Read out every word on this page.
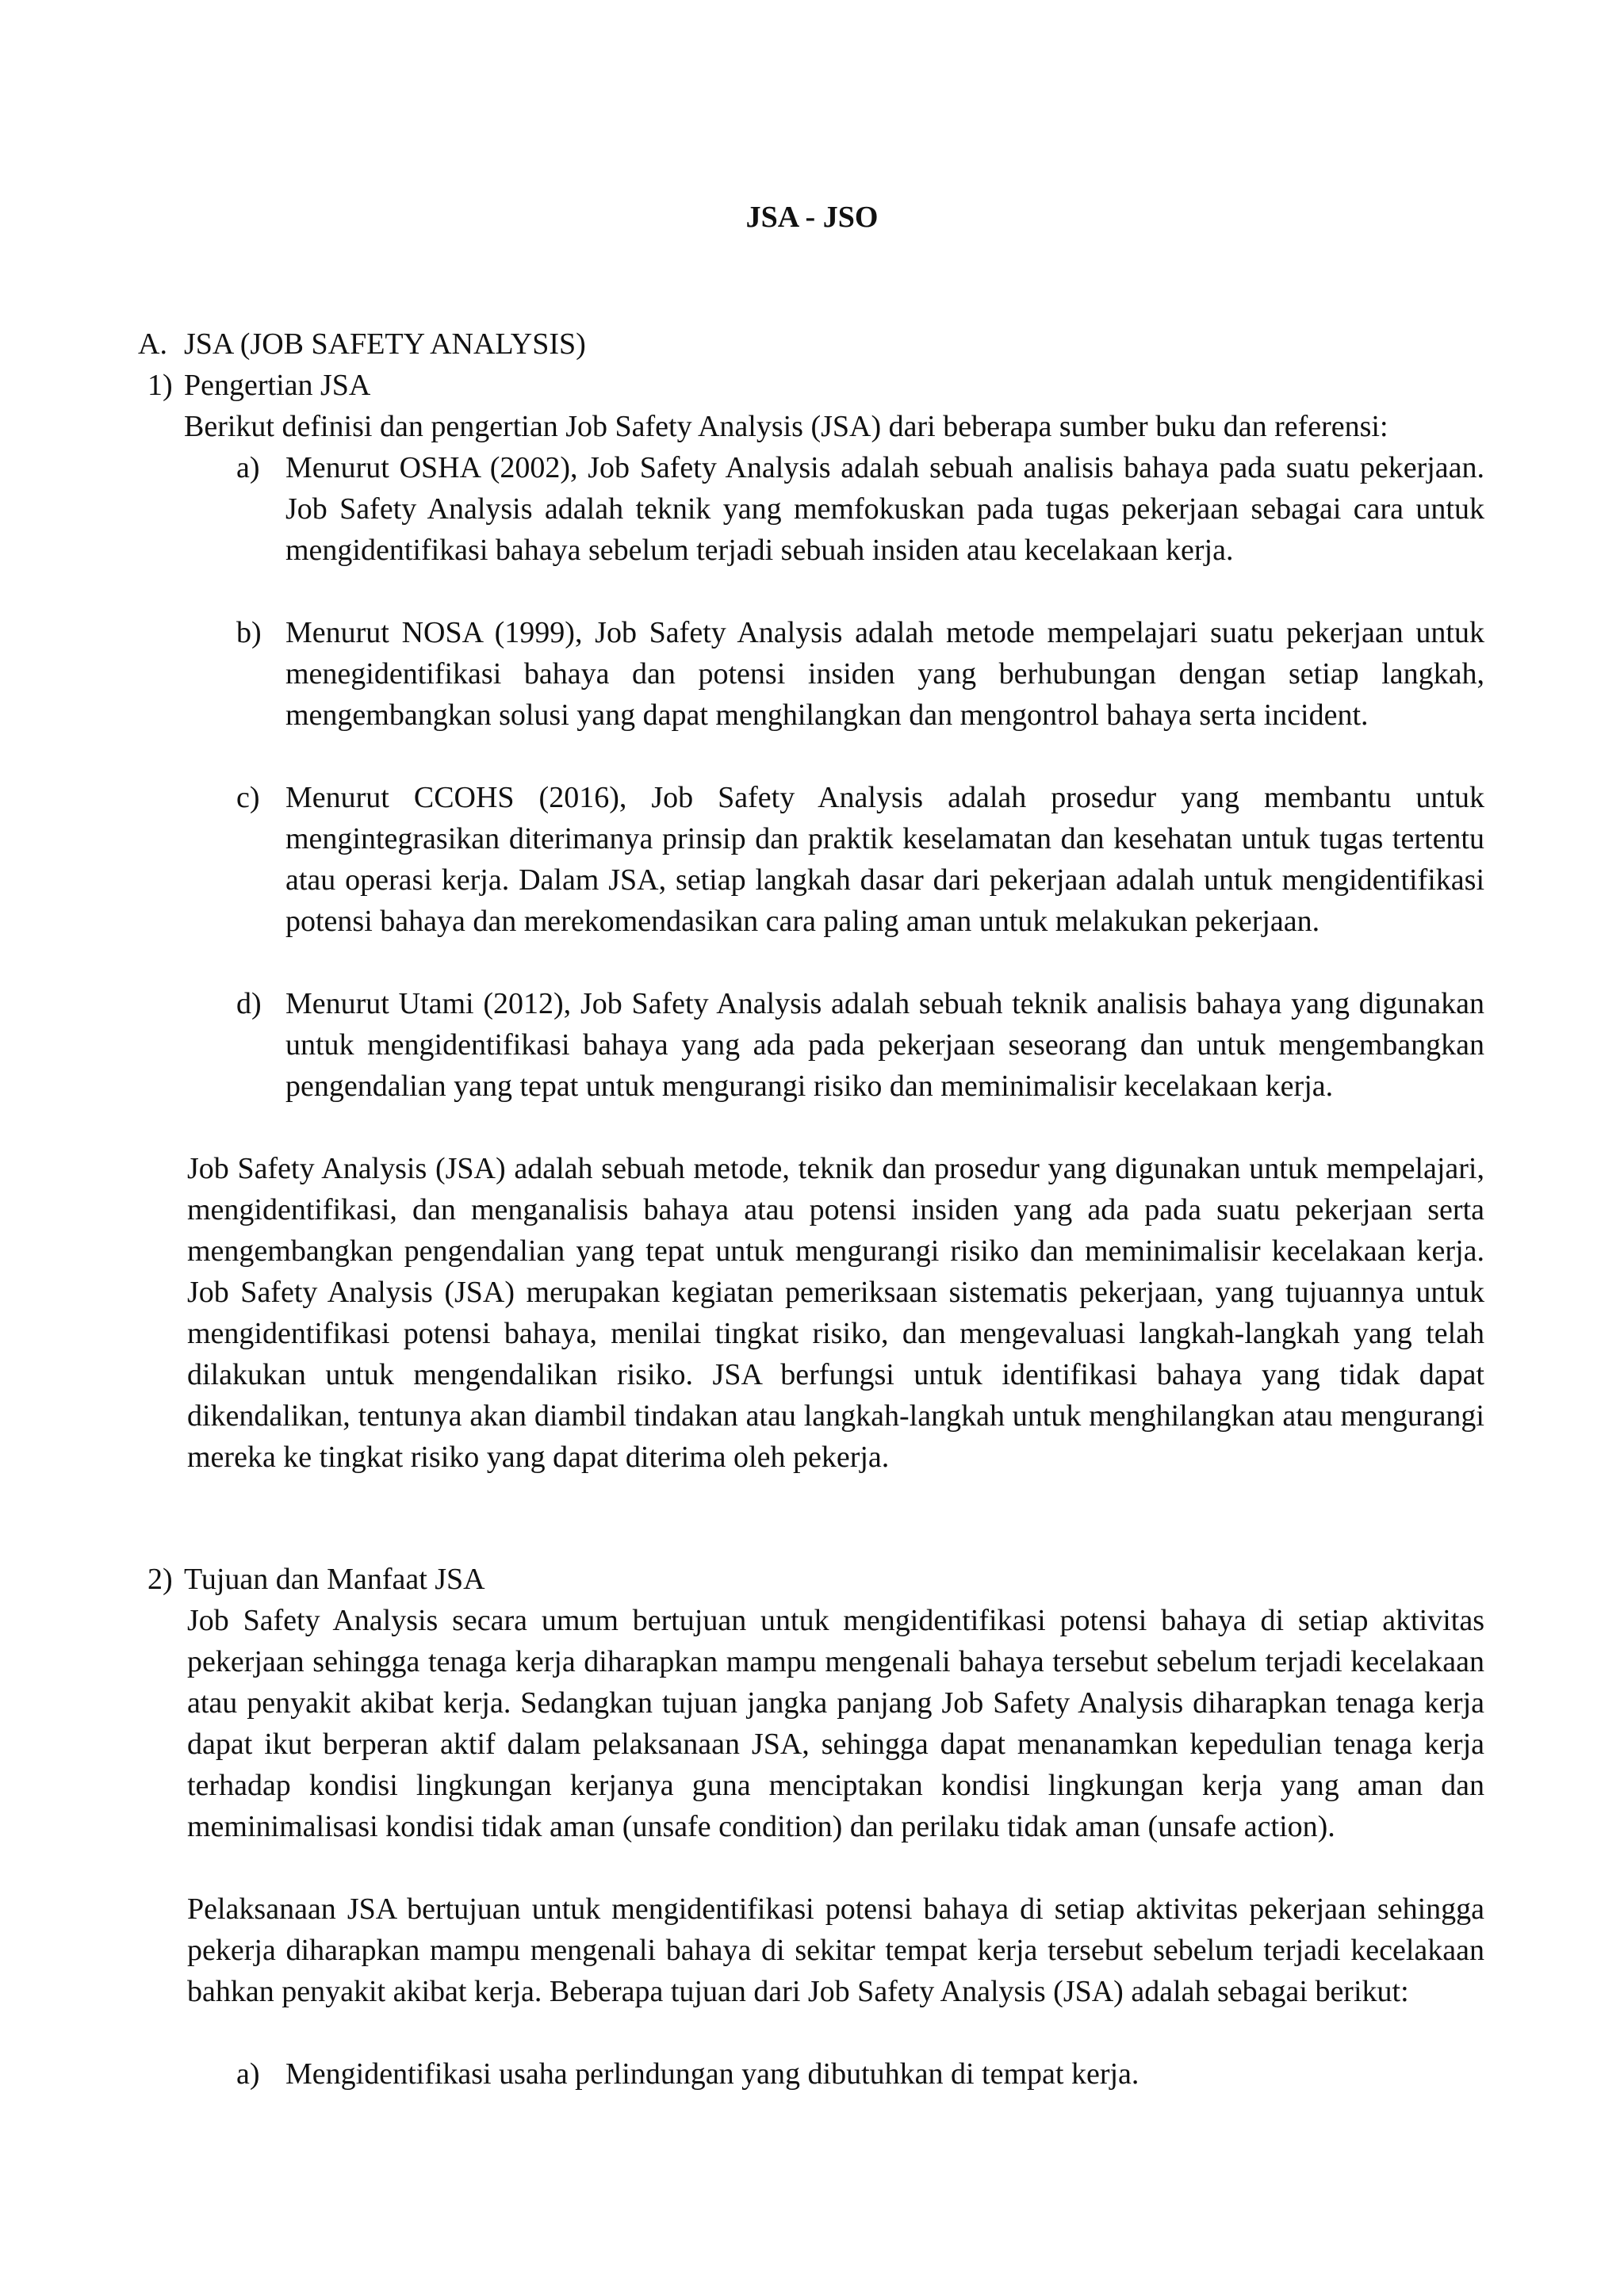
JSA - JSO
A. JSA (JOB SAFETY ANALYSIS)
1) Pengertian JSA

Berikut definisi dan pengertian Job Safety Analysis (JSA) dari beberapa sumber buku dan referensi:

a) Menurut OSHA (2002), Job Safety Analysis adalah sebuah analisis bahaya pada suatu pekerjaan. Job Safety Analysis adalah teknik yang memfokuskan pada tugas pekerjaan sebagai cara untuk mengidentifikasi bahaya sebelum terjadi sebuah insiden atau kecelakaan kerja.

b) Menurut NOSA (1999), Job Safety Analysis adalah metode mempelajari suatu pekerjaan untuk menegidentifikasi bahaya dan potensi insiden yang berhubungan dengan setiap langkah, mengembangkan solusi yang dapat menghilangkan dan mengontrol bahaya serta incident.

c) Menurut CCOHS (2016), Job Safety Analysis adalah prosedur yang membantu untuk mengintegrasikan diterimanya prinsip dan praktik keselamatan dan kesehatan untuk tugas tertentu atau operasi kerja. Dalam JSA, setiap langkah dasar dari pekerjaan adalah untuk mengidentifikasi potensi bahaya dan merekomendasikan cara paling aman untuk melakukan pekerjaan.

d) Menurut Utami (2012), Job Safety Analysis adalah sebuah teknik analisis bahaya yang digunakan untuk mengidentifikasi bahaya yang ada pada pekerjaan seseorang dan untuk mengembangkan pengendalian yang tepat untuk mengurangi risiko dan meminimalisir kecelakaan kerja.

Job Safety Analysis (JSA) adalah sebuah metode, teknik dan prosedur yang digunakan untuk mempelajari, mengidentifikasi, dan menganalisis bahaya atau potensi insiden yang ada pada suatu pekerjaan serta mengembangkan pengendalian yang tepat untuk mengurangi risiko dan meminimalisir kecelakaan kerja. Job Safety Analysis (JSA) merupakan kegiatan pemeriksaan sistematis pekerjaan, yang tujuannya untuk mengidentifikasi potensi bahaya, menilai tingkat risiko, dan mengevaluasi langkah-langkah yang telah dilakukan untuk mengendalikan risiko. JSA berfungsi untuk identifikasi bahaya yang tidak dapat dikendalikan, tentunya akan diambil tindakan atau langkah-langkah untuk menghilangkan atau mengurangi mereka ke tingkat risiko yang dapat diterima oleh pekerja.

2) Tujuan dan Manfaat JSA

Job Safety Analysis secara umum bertujuan untuk mengidentifikasi potensi bahaya di setiap aktivitas pekerjaan sehingga tenaga kerja diharapkan mampu mengenali bahaya tersebut sebelum terjadi kecelakaan atau penyakit akibat kerja. Sedangkan tujuan jangka panjang Job Safety Analysis diharapkan tenaga kerja dapat ikut berperan aktif dalam pelaksanaan JSA, sehingga dapat menanamkan kepedulian tenaga kerja terhadap kondisi lingkungan kerjanya guna menciptakan kondisi lingkungan kerja yang aman dan meminimalisasi kondisi tidak aman (unsafe condition) dan perilaku tidak aman (unsafe action).

Pelaksanaan JSA bertujuan untuk mengidentifikasi potensi bahaya di setiap aktivitas pekerjaan sehingga pekerja diharapkan mampu mengenali bahaya di sekitar tempat kerja tersebut sebelum terjadi kecelakaan bahkan penyakit akibat kerja. Beberapa tujuan dari Job Safety Analysis (JSA) adalah sebagai berikut:

a) Mengidentifikasi usaha perlindungan yang dibutuhkan di tempat kerja.
